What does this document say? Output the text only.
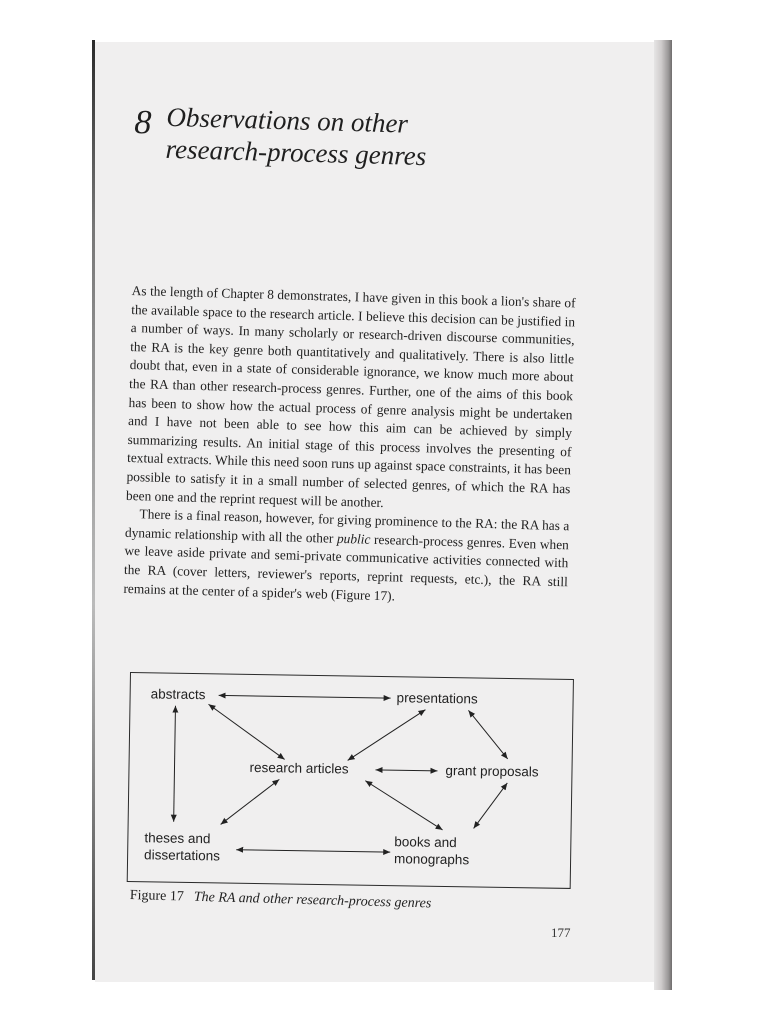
8 Observations on other
research-process genres

As the length of Chapter 8 demonstrates, I have given in this book a lion's share of the available space to the research article. I believe this decision can be justified in a number of ways. In many scholarly or research-driven discourse communities, the RA is the key genre both quantitatively and qualitatively. There is also little doubt that, even in a state of considerable ignorance, we know much more about the RA than other research-process genres. Further, one of the aims of this book has been to show how the actual process of genre analysis might be undertaken and I have not been able to see how this aim can be achieved by simply summarizing results. An initial stage of this process involves the presenting of textual extracts. While this need soon runs up against space constraints, it has been possible to satisfy it in a small number of selected genres, of which the RA has been one and the reprint request will be another.

There is a final reason, however, for giving prominence to the RA: the RA has a dynamic relationship with all the other public research-process genres. Even when we leave aside private and semi-private communicative activities connected with the RA (cover letters, reviewer's reports, reprint requests, etc.), the RA still remains at the center of a spider's web (Figure 17).

abstracts	presentations
research articles	grant proposals
theses and
dissertations
books and
monographs
Figure 17 The RA and other research-process genres
177
